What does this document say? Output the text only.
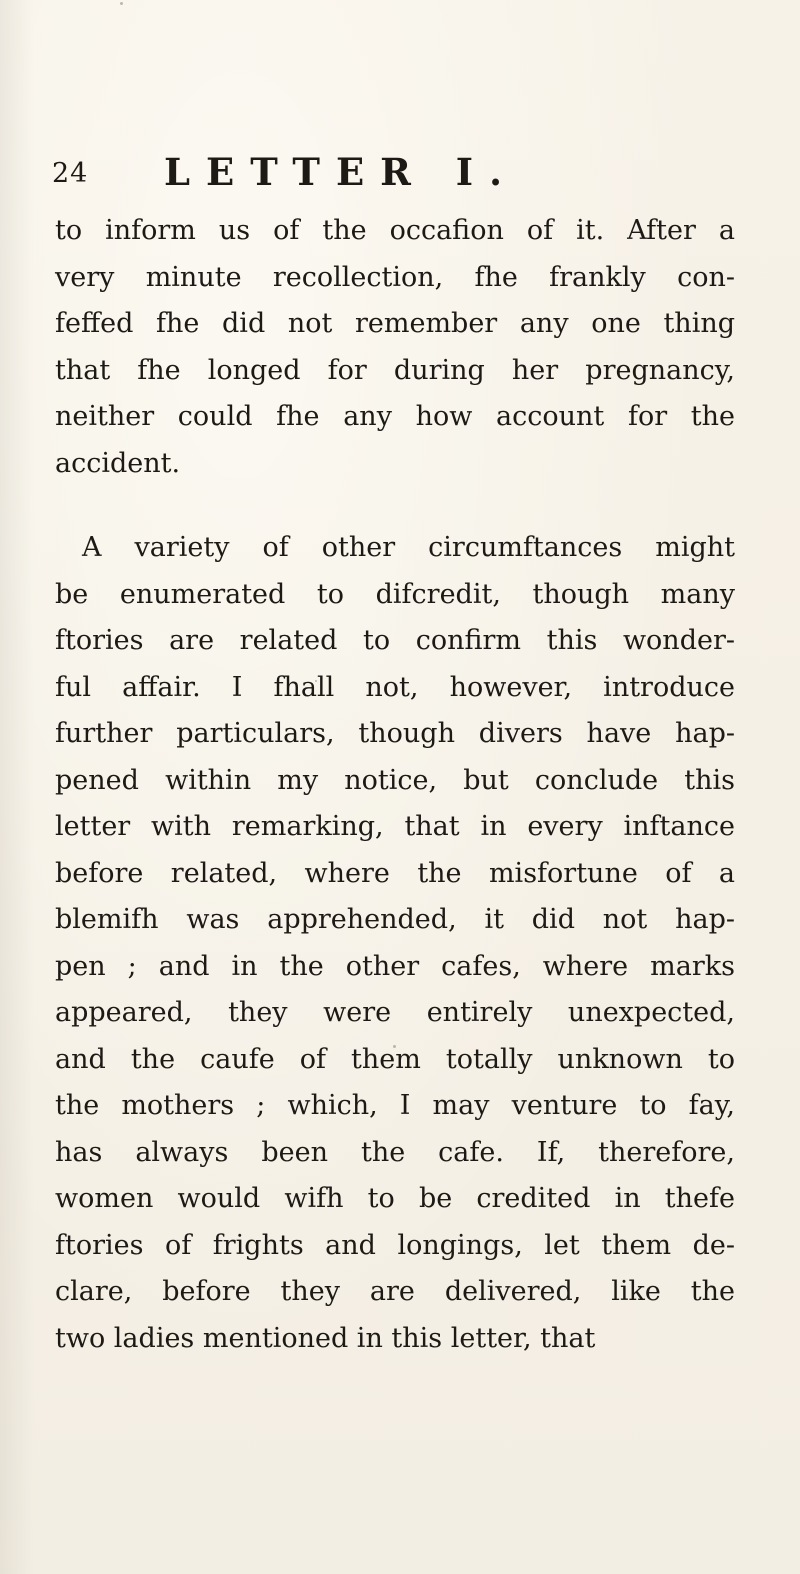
24 LETTER I.
to inform us of the occafion of it. After a
very minute recollection, fhe frankly con-
feffed fhe did not remember any one thing
that fhe longed for during her pregnancy,
neither could fhe any how account for the
accident.
A variety of other circumftances might
be enumerated to difcredit, though many
ftories are related to confirm this wonder-
ful affair. I fhall not, however, introduce
further particulars, though divers have hap-
pened within my notice, but conclude this
letter with remarking, that in every inftance
before related, where the misfortune of a
blemifh was apprehended, it did not hap-
pen ; and in the other cafes, where marks
appeared, they were entirely unexpected,
and the caufe of them totally unknown to
the mothers ; which, I may venture to fay,
has always been the cafe. If, therefore,
women would wifh to be credited in thefe
ftories of frights and longings, let them de-
clare, before they are delivered, like the
two ladies mentioned in this letter, that
